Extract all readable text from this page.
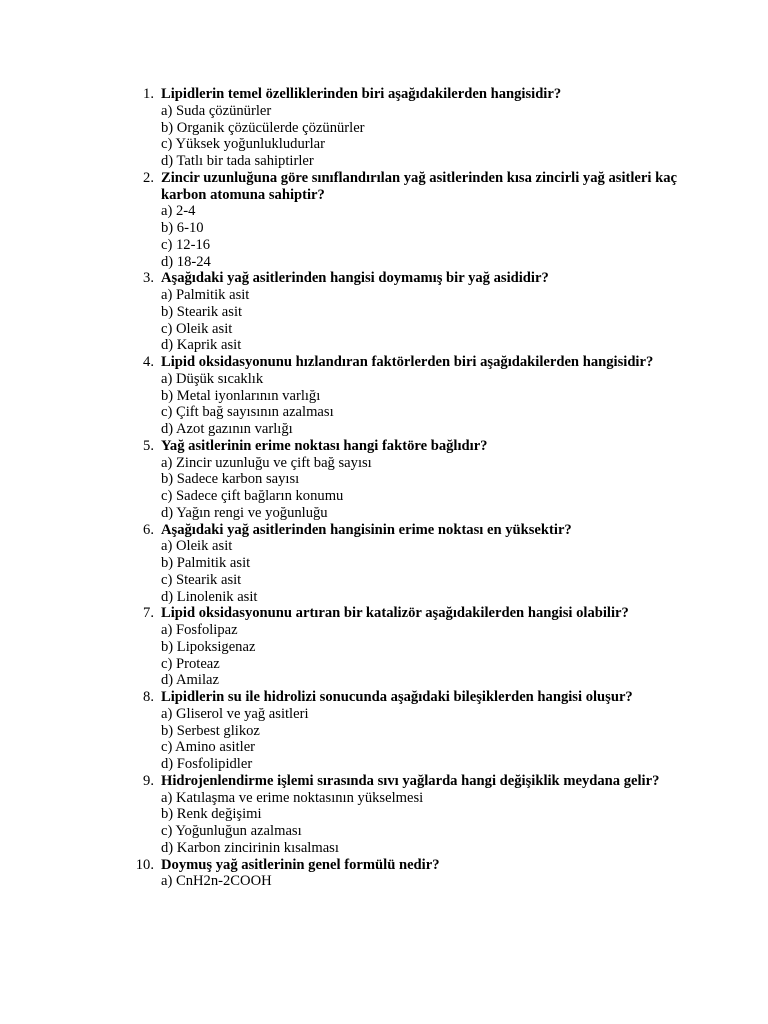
1. Lipidlerin temel özelliklerinden biri aşağıdakilerden hangisidir?
a) Suda çözünürler
b) Organik çözücülerde çözünürler
c) Yüksek yoğunlukludurlar
d) Tatlı bir tada sahiptirler
2. Zincir uzunluğuna göre sınıflandırılan yağ asitlerinden kısa zincirli yağ asitleri kaç karbon atomuna sahiptir?
a) 2-4
b) 6-10
c) 12-16
d) 18-24
3. Aşağıdaki yağ asitlerinden hangisi doymamış bir yağ asididir?
a) Palmitik asit
b) Stearik asit
c) Oleik asit
d) Kaprik asit
4. Lipid oksidasyonunu hızlandıran faktörlerden biri aşağıdakilerden hangisidir?
a) Düşük sıcaklık
b) Metal iyonlarının varlığı
c) Çift bağ sayısının azalması
d) Azot gazının varlığı
5. Yağ asitlerinin erime noktası hangi faktöre bağlıdır?
a) Zincir uzunluğu ve çift bağ sayısı
b) Sadece karbon sayısı
c) Sadece çift bağların konumu
d) Yağın rengi ve yoğunluğu
6. Aşağıdaki yağ asitlerinden hangisinin erime noktası en yüksektir?
a) Oleik asit
b) Palmitik asit
c) Stearik asit
d) Linolenik asit
7. Lipid oksidasyonunu artıran bir katalizör aşağıdakilerden hangisi olabilir?
a) Fosfolipaz
b) Lipoksigenaz
c) Proteaz
d) Amilaz
8. Lipidlerin su ile hidrolizi sonucunda aşağıdaki bileşiklerden hangisi oluşur?
a) Gliserol ve yağ asitleri
b) Serbest glikoz
c) Amino asitler
d) Fosfolipidler
9. Hidrojenlendirme işlemi sırasında sıvı yağlarda hangi değişiklik meydana gelir?
a) Katılaşma ve erime noktasının yükselmesi
b) Renk değişimi
c) Yoğunluğun azalması
d) Karbon zincirinin kısalması
10. Doymuş yağ asitlerinin genel formülü nedir?
a) CnH2n-2COOH
